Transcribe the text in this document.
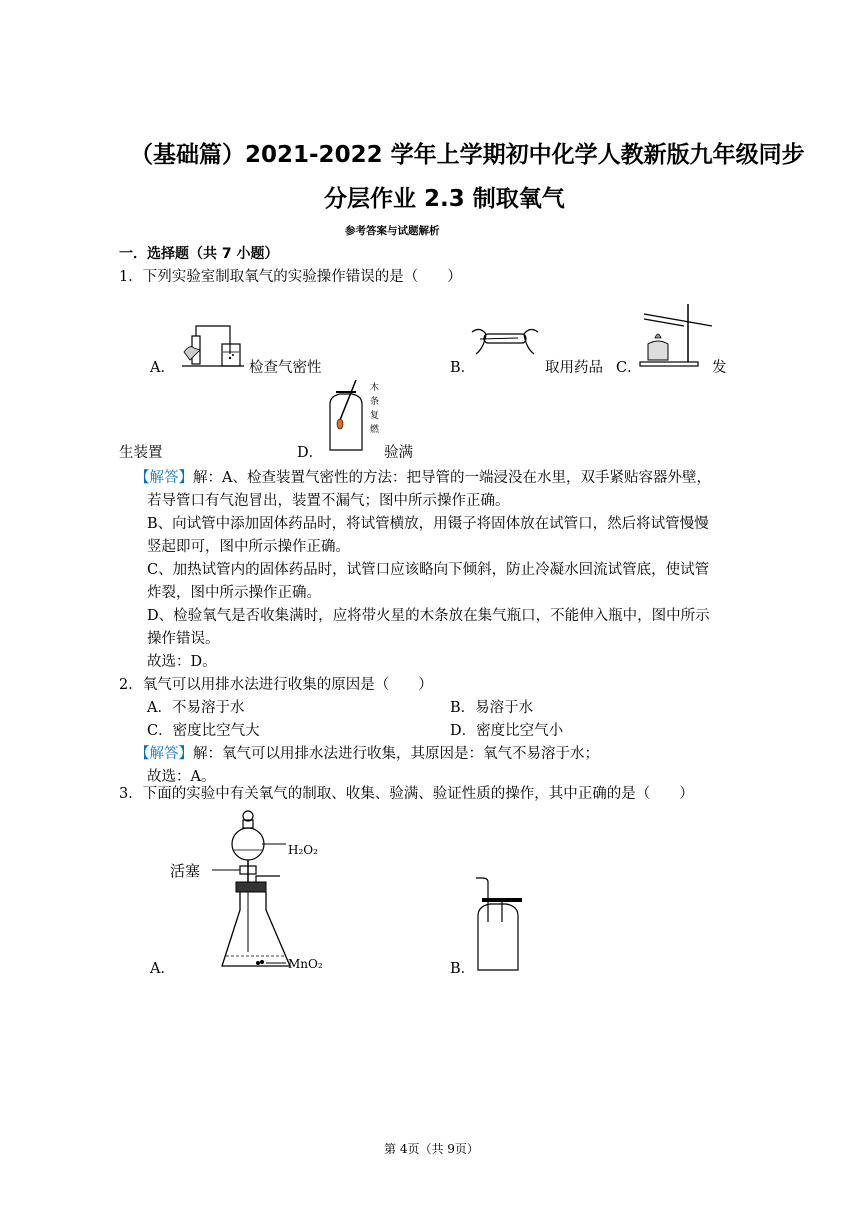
（基础篇）2021-2022 学年上学期初中化学人教新版九年级同步
分层作业 2.3 制取氧气
参考答案与试题解析
一．选择题（共 7 小题）
1．下列实验室制取氧气的实验操作错误的是（　　）
A．	检查气密性	B．	取用药品 C．	发
木
条
复
燃
生装置	D．	验满
【解答】解：A、检查装置气密性的方法：把导管的一端浸没在水里，双手紧贴容器外壁，
若导管口有气泡冒出，装置不漏气；图中所示操作正确。
B、向试管中添加固体药品时，将试管横放，用镊子将固体放在试管口，然后将试管慢慢
竖起即可，图中所示操作正确。
C、加热试管内的固体药品时，试管口应该略向下倾斜，防止冷凝水回流试管底，使试管
炸裂，图中所示操作正确。
D、检验氧气是否收集满时，应将带火星的木条放在集气瓶口，不能伸入瓶中，图中所示
操作错误。
故选：D。
2．氧气可以用排水法进行收集的原因是（　　）
A．不易溶于水	B．易溶于水
C．密度比空气大	D．密度比空气小
【解答】解：氧气可以用排水法进行收集，其原因是：氧气不易溶于水；
故选：A。
3．下面的实验中有关氧气的制取、收集、验满、验证性质的操作，其中正确的是（　　）
H₂O₂
活塞
MnO₂
A．	B．
第 4页（共 9页）
